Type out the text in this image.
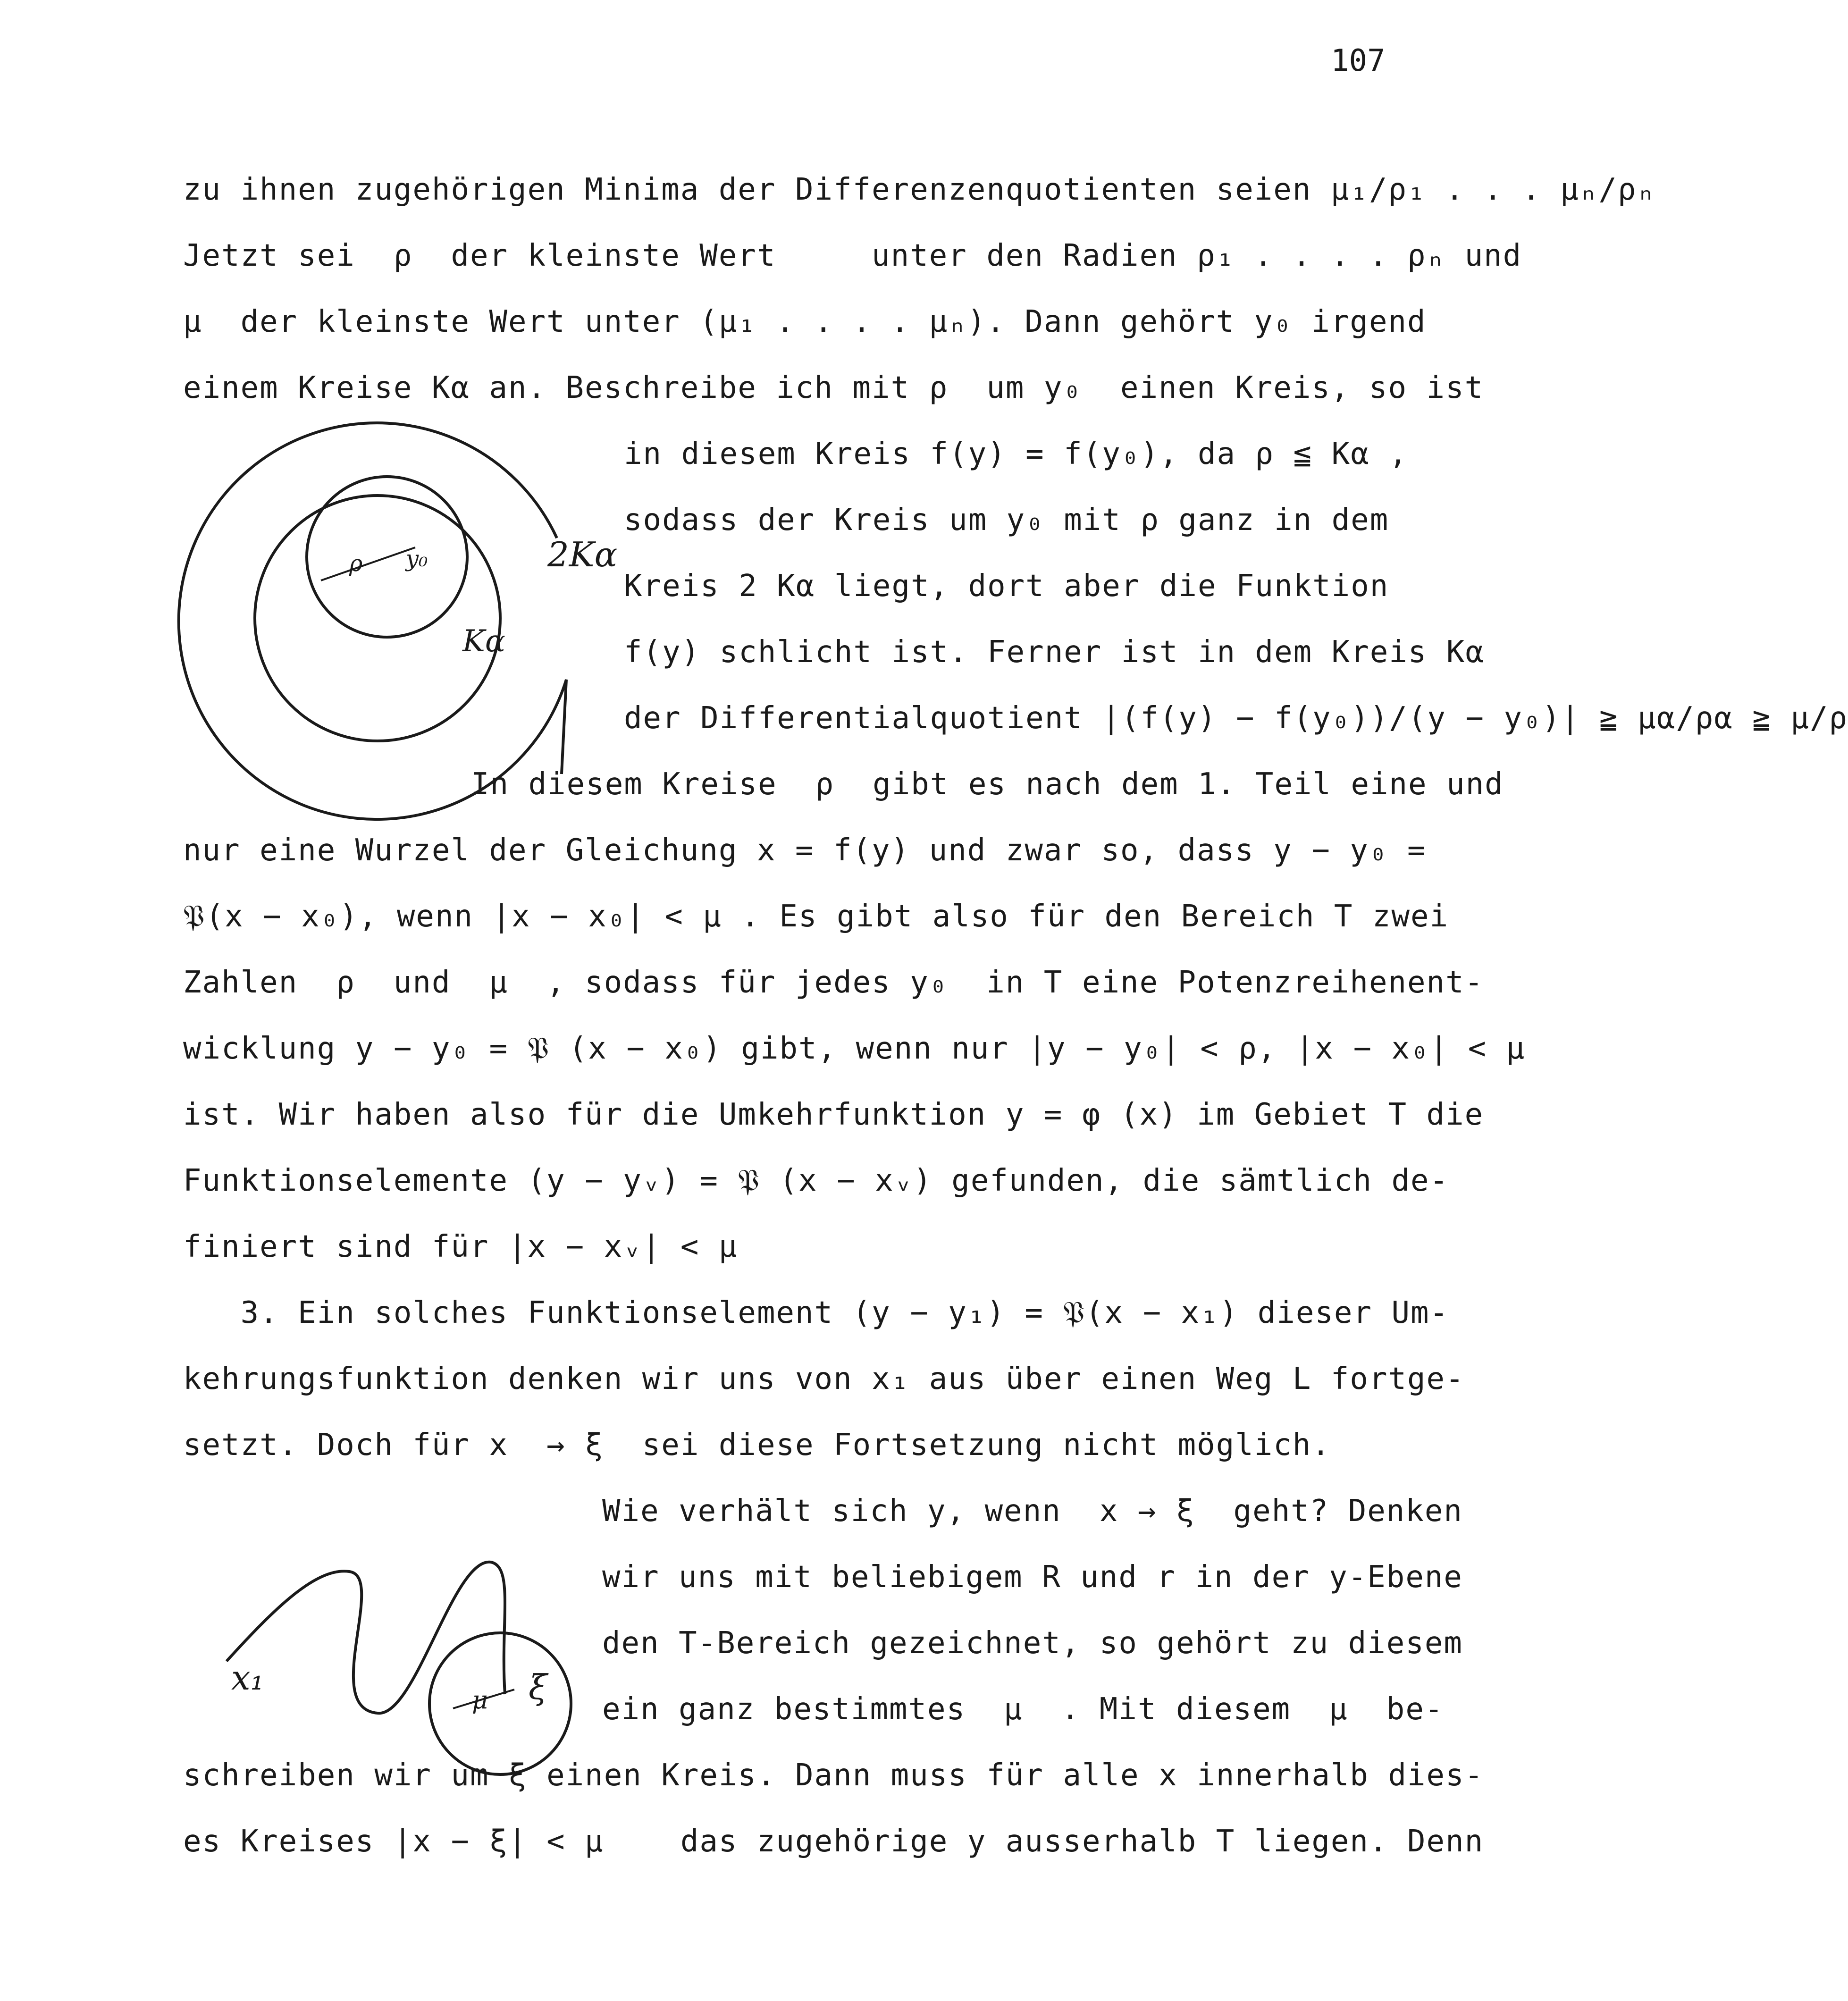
107

zu ihnen zugehörigen Minima der Differenzenquotienten seien μ₁/ρ₁ . . . μₙ/ρₙ

Jetzt sei  ρ  der kleinste Wert     unter den Radien ρ₁ . . . . ρₙ und

μ  der kleinste Wert unter (μ₁ . . . . μₙ). Dann gehört y₀ irgend

einem Kreise Kα an. Beschreibe ich mit ρ  um y₀  einen Kreis, so ist

in diesem Kreis f(y) = f(y₀), da ρ ≦ Kα ,

sodass der Kreis um y₀ mit ρ ganz in dem

Kreis 2 Kα liegt, dort aber die Funktion

f(y) schlicht ist. Ferner ist in dem Kreis Kα

der Differentialquotient |(f(y) − f(y₀))/(y − y₀)| ≧ μα/ρα ≧ μ/ρ

In diesem Kreise  ρ  gibt es nach dem 1. Teil eine und

nur eine Wurzel der Gleichung x = f(y) und zwar so, dass y − y₀ =

𝔓(x − x₀), wenn |x − x₀| < μ . Es gibt also für den Bereich T zwei

Zahlen  ρ  und  μ  , sodass für jedes y₀  in T eine Potenzreihenent-

wicklung y − y₀ = 𝔓 (x − x₀) gibt, wenn nur |y − y₀| < ρ, |x − x₀| < μ

ist. Wir haben also für die Umkehrfunktion y = φ (x) im Gebiet T die

Funktionselemente (y − yᵥ) = 𝔓 (x − xᵥ) gefunden, die sämtlich de-

finiert sind für |x − xᵥ| < μ

3. Ein solches Funktionselement (y − y₁) = 𝔓(x − x₁) dieser Um-

kehrungsfunktion denken wir uns von x₁ aus über einen Weg L fortge-

setzt. Doch für x  → ξ  sei diese Fortsetzung nicht möglich.

Wie verhält sich y, wenn  x → ξ  geht? Denken

wir uns mit beliebigem R und r in der y-Ebene

den T-Bereich gezeichnet, so gehört zu diesem

ein ganz bestimmtes  μ  . Mit diesem  μ  be-

schreiben wir um ξ einen Kreis. Dann muss für alle x innerhalb dies-

es Kreises |x − ξ| < μ    das zugehörige y ausserhalb T liegen. Denn

2Kα
Kα
ρ y₀
x₁
μ ξ
